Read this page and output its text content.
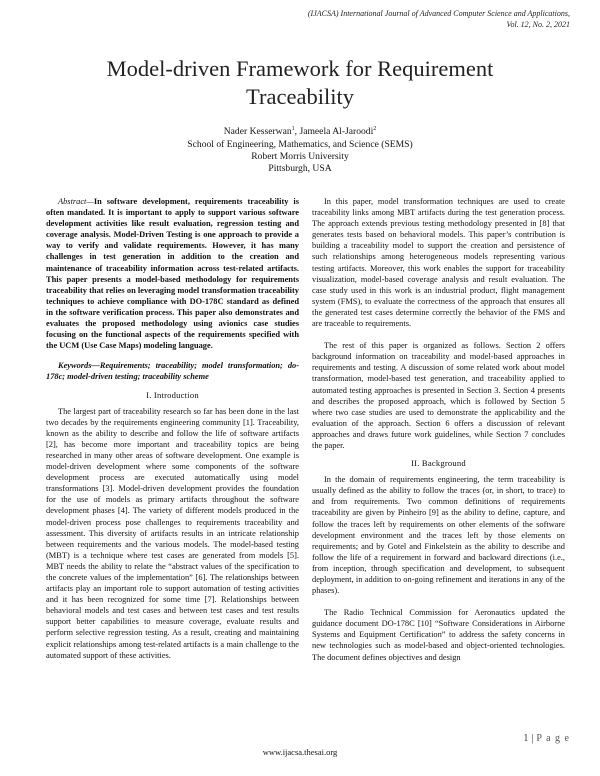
(IJACSA) International Journal of Advanced Computer Science and Applications,
Vol. 12, No. 2, 2021
Model-driven Framework for Requirement
Traceability
Nader Kesserwan$^1$, Jameela Al-Jaroodi$^2$
School of Engineering, Mathematics, and Science (SEMS)
Robert Morris University
Pittsburgh, USA

Abstract—In software development, requirements traceability is often mandated. It is important to apply to support various software development activities like result evaluation, regression testing and coverage analysis. Model-Driven Testing is one approach to provide a way to verify and validate requirements. However, it has many challenges in test generation in addition to the creation and maintenance of traceability information across test-related artifacts. This paper presents a model-based methodology for requirements traceability that relies on leveraging model transformation traceability techniques to achieve compliance with DO-178C standard as defined in the software verification process. This paper also demonstrates and evaluates the proposed methodology using avionics case studies focusing on the functional aspects of the requirements specified with the UCM (Use Case Maps) modeling language.

Keywords—Requirements; traceability; model transformation; do-178c; model-driven testing; traceability scheme

I. Introduction

The largest part of traceability research so far has been done in the last two decades by the requirements engineering community [1]. Traceability, known as the ability to describe and follow the life of software artifacts [2], has become more important and traceability topics are being researched in many other areas of software development. One example is model-driven development where some components of the software development process are executed automatically using model transformations [3]. Model-driven development provides the foundation for the use of models as primary artifacts throughout the software development phases [4]. The variety of different models produced in the model-driven process pose challenges to requirements traceability and assessment. This diversity of artifacts results in an intricate relationship between requirements and the various models. The model-based testing (MBT) is a technique where test cases are generated from models [5]. MBT needs the ability to relate the “abstract values of the specification to the concrete values of the implementation” [6]. The relationships between artifacts play an important role to support automation of testing activities and it has been recognized for some time [7]. Relationships between behavioral models and test cases and between test cases and test results support better capabilities to measure coverage, evaluate results and perform selective regression testing. As a result, creating and maintaining explicit relationships among test-related artifacts is a main challenge to the automated support of these activities.

In this paper, model transformation techniques are used to create traceability links among MBT artifacts during the test generation process. The approach extends previous testing methodology presented in [8] that generates tests based on behavioral models. This paper’s contribution is building a traceability model to support the creation and persistence of such relationships among heterogeneous models representing various testing artifacts. Moreover, this work enables the support for traceability visualization, model-based coverage analysis and result evaluation. The case study used in this work is an industrial product, flight management system (FMS), to evaluate the correctness of the approach that ensures all the generated test cases determine correctly the behavior of the FMS and are traceable to requirements.

The rest of this paper is organized as follows. Section 2 offers background information on traceability and model-based approaches in requirements and testing. A discussion of some related work about model transformation, model-based test generation, and traceability applied to automated testing approaches is presented in Section 3. Section 4 presents and describes the proposed approach, which is followed by Section 5 where two case studies are used to demonstrate the applicability and the evaluation of the approach. Section 6 offers a discussion of relevant approaches and draws future work guidelines, while Section 7 concludes the paper.

II. Background

In the domain of requirements engineering, the term traceability is usually defined as the ability to follow the traces (or, in short, to trace) to and from requirements. Two common definitions of requirements traceability are given by Pinheiro [9] as the ability to define, capture, and follow the traces left by requirements on other elements of the software development environment and the traces left by those elements on requirements; and by Gotel and Finkelstein as the ability to describe and follow the life of a requirement in forward and backward directions (i.e., from inception, through specification and development, to subsequent deployment, in addition to on-going refinement and iterations in any of the phases).

The Radio Technical Commission for Aeronautics updated the guidance document DO-178C [10] “Software Considerations in Airborne Systems and Equipment Certification” to address the safety concerns in new technologies such as model-based and object-oriented technologies. The document defines objectives and design

1 | P a g e
www.ijacsa.thesai.org
